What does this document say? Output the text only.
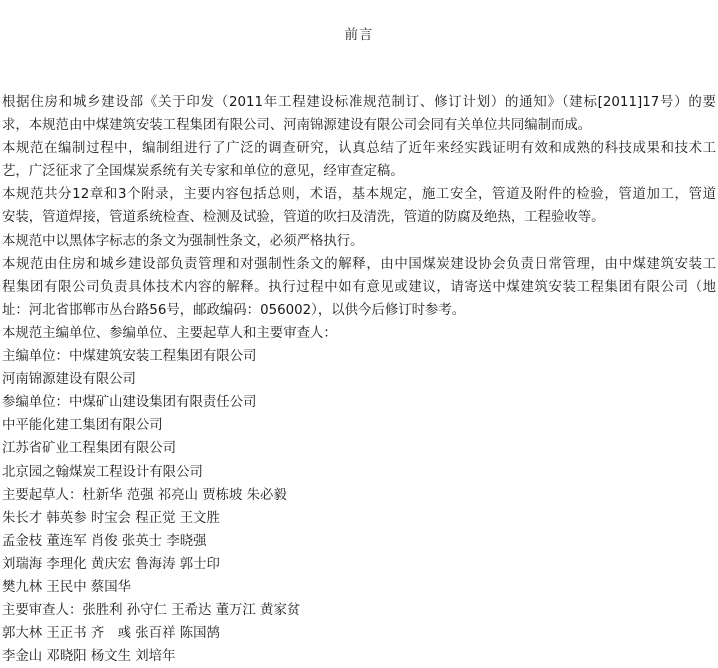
前言
根据住房和城乡建设部《关于印发（2011年工程建设标准规范制订、修订计划）的通知》（建标[2011]17号）的要
求，本规范由中煤建筑安装工程集团有限公司、河南锦源建设有限公司会同有关单位共同编制而成。
本规范在编制过程中，编制组进行了广泛的调查研究，认真总结了近年来经实践证明有效和成熟的科技成果和技术工
艺，广泛征求了全国煤炭系统有关专家和单位的意见，经审查定稿。
本规范共分12章和3个附录，主要内容包括总则，术语，基本规定，施工安全，管道及附件的检验，管道加工，管道
安装，管道焊接，管道系统检查、检测及试验，管道的吹扫及清洗，管道的防腐及绝热，工程验收等。
本规范中以黑体字标志的条文为强制性条文，必须严格执行。
本规范由住房和城乡建设部负责管理和对强制性条文的解释，由中国煤炭建设协会负责日常管理，由中煤建筑安装工
程集团有限公司负责具体技术内容的解释。执行过程中如有意见或建议，请寄送中煤建筑安装工程集团有限公司（地
址：河北省邯郸市丛台路56号，邮政编码：056002），以供今后修订时参考。
本规范主编单位、参编单位、主要起草人和主要审查人：
主编单位：中煤建筑安装工程集团有限公司
河南锦源建设有限公司
参编单位：中煤矿山建设集团有限责任公司
中平能化建工集团有限公司
江苏省矿业工程集团有限公司
北京园之翰煤炭工程设计有限公司
主要起草人：杜新华 范强 祁亮山 贾栋坡 朱必毅
朱长才 韩英参 时宝会 程正觉 王文胜
孟金枝 董连军 肖俊 张英士 李晓强
刘瑞海 李理化 黄庆宏 鲁海涛 郭士印
樊九林 王民中 蔡国华
主要审查人：张胜利 孙守仁 王希达 董万江 黄家贫
郭大林 王正书 齐　彧 张百祥 陈国鹄
李金山 邓晓阳 杨文生 刘培年
